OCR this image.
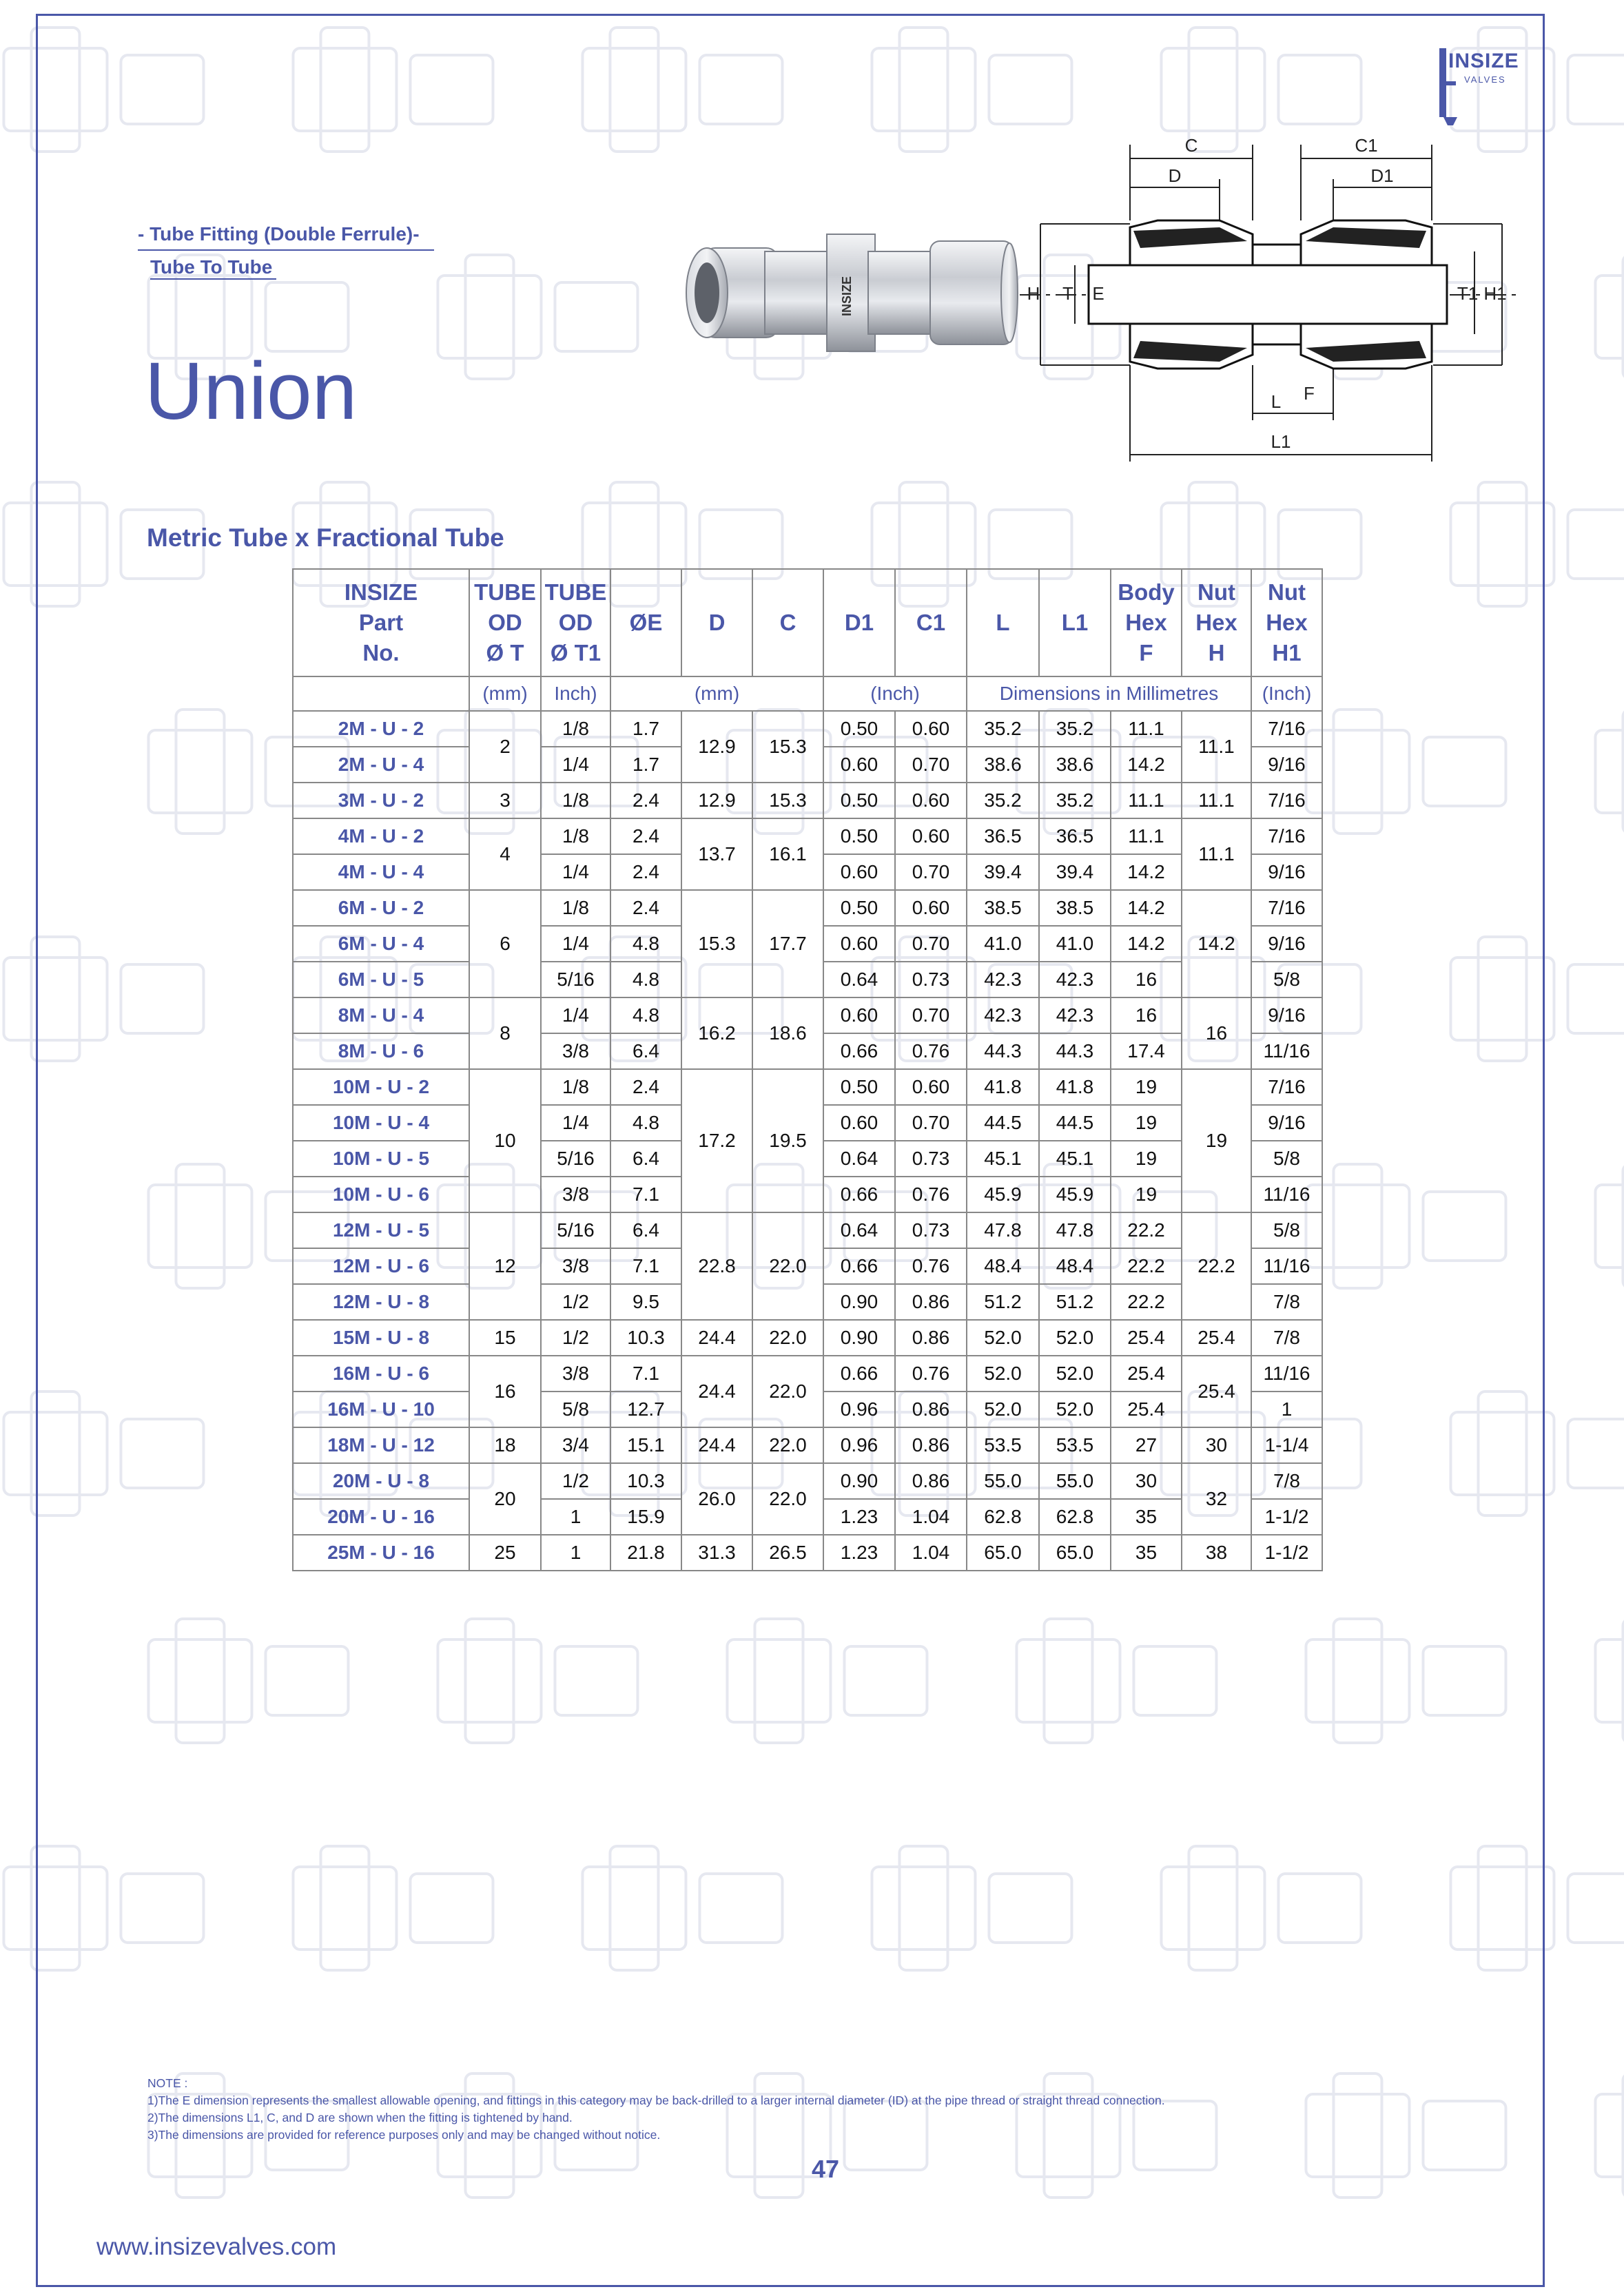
INSIZE
VALVES
- Tube Fitting (Double Ferrule)-
Tube To Tube
Union
INSIZE
C	C1
D	D1
H T E	T1 H1
L F
L1
Metric Tube x Fractional Tube
INSIZE
Part
No.	TUBE
OD
Ø T	TUBE
OD
Ø T1	ØE	D	C	D1	C1	L	L1	Body
Hex
F	Nut
Hex
H	Nut
Hex
H1
	(mm)	Inch)	(mm)			(Inch)		Dimensions in Millimetres				(Inch)
2M - U - 2	2	1/8	1.7	12.9	15.3	0.50	0.60	35.2	35.2	11.1	11.1	7/16
2M - U - 4		1/4	1.7			0.60	0.70	38.6	38.6	14.2		9/16
3M - U - 2	3	1/8	2.4	12.9	15.3	0.50	0.60	35.2	35.2	11.1	11.1	7/16
4M - U - 2	4	1/8	2.4	13.7	16.1	0.50	0.60	36.5	36.5	11.1	11.1	7/16
4M - U - 4		1/4	2.4			0.60	0.70	39.4	39.4	14.2		9/16
6M - U - 2	6	1/8	2.4	15.3	17.7	0.50	0.60	38.5	38.5	14.2	14.2	7/16
6M - U - 4		1/4	4.8			0.60	0.70	41.0	41.0	14.2		9/16
6M - U - 5		5/16	4.8			0.64	0.73	42.3	42.3	16		5/8
8M - U - 4	8	1/4	4.8	16.2	18.6	0.60	0.70	42.3	42.3	16	16	9/16
8M - U - 6		3/8	6.4			0.66	0.76	44.3	44.3	17.4		11/16
10M - U - 2	10	1/8	2.4	17.2	19.5	0.50	0.60	41.8	41.8	19	19	7/16
10M - U - 4		1/4	4.8			0.60	0.70	44.5	44.5	19		9/16
10M - U - 5		5/16	6.4			0.64	0.73	45.1	45.1	19		5/8
10M - U - 6		3/8	7.1			0.66	0.76	45.9	45.9	19		11/16
12M - U - 5	12	5/16	6.4	22.8	22.0	0.64	0.73	47.8	47.8	22.2	22.2	5/8
12M - U - 6		3/8	7.1			0.66	0.76	48.4	48.4	22.2		11/16
12M - U - 8		1/2	9.5			0.90	0.86	51.2	51.2	22.2		7/8
15M - U - 8	15	1/2	10.3	24.4	22.0	0.90	0.86	52.0	52.0	25.4	25.4	7/8
16M - U - 6	16	3/8	7.1	24.4	22.0	0.66	0.76	52.0	52.0	25.4	25.4	11/16
16M - U - 10		5/8	12.7			0.96	0.86	52.0	52.0	25.4		1
18M - U - 12	18	3/4	15.1	24.4	22.0	0.96	0.86	53.5	53.5	27	30	1-1/4
20M - U - 8	20	1/2	10.3	26.0	22.0	0.90	0.86	55.0	55.0	30	32	7/8
20M - U - 16		1	15.9			1.23	1.04	62.8	62.8	35		1-1/2
25M - U - 16	25	1	21.8	31.3	26.5	1.23	1.04	65.0	65.0	35	38	1-1/2
NOTE :
1)The E dimension represents the smallest allowable opening, and fittings in this category may be back-drilled to a larger internal diameter (ID) at the pipe thread or straight thread connection.
2)The dimensions L1, C, and D are shown when the fitting is tightened by hand.
3)The dimensions are provided for reference purposes only and may be changed without notice.
47
www.insizevalves.com
